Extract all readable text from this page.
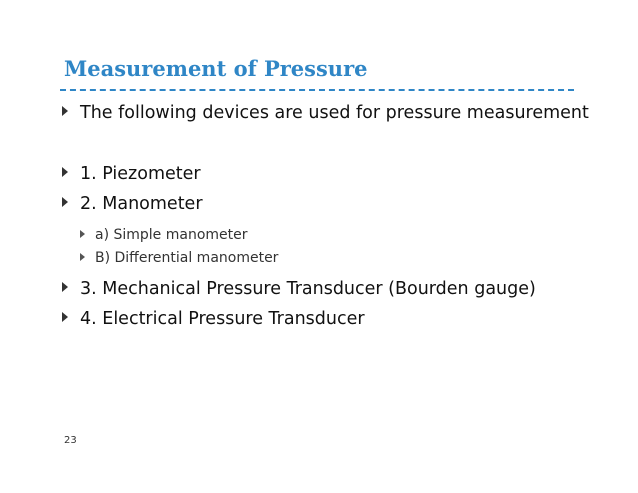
Measurement of Pressure
The following devices are used for pressure measurement
1. Piezometer
2. Manometer
a) Simple manometer
B) Differential manometer
3. Mechanical Pressure Transducer (Bourden gauge)
4. Electrical Pressure Transducer
23
